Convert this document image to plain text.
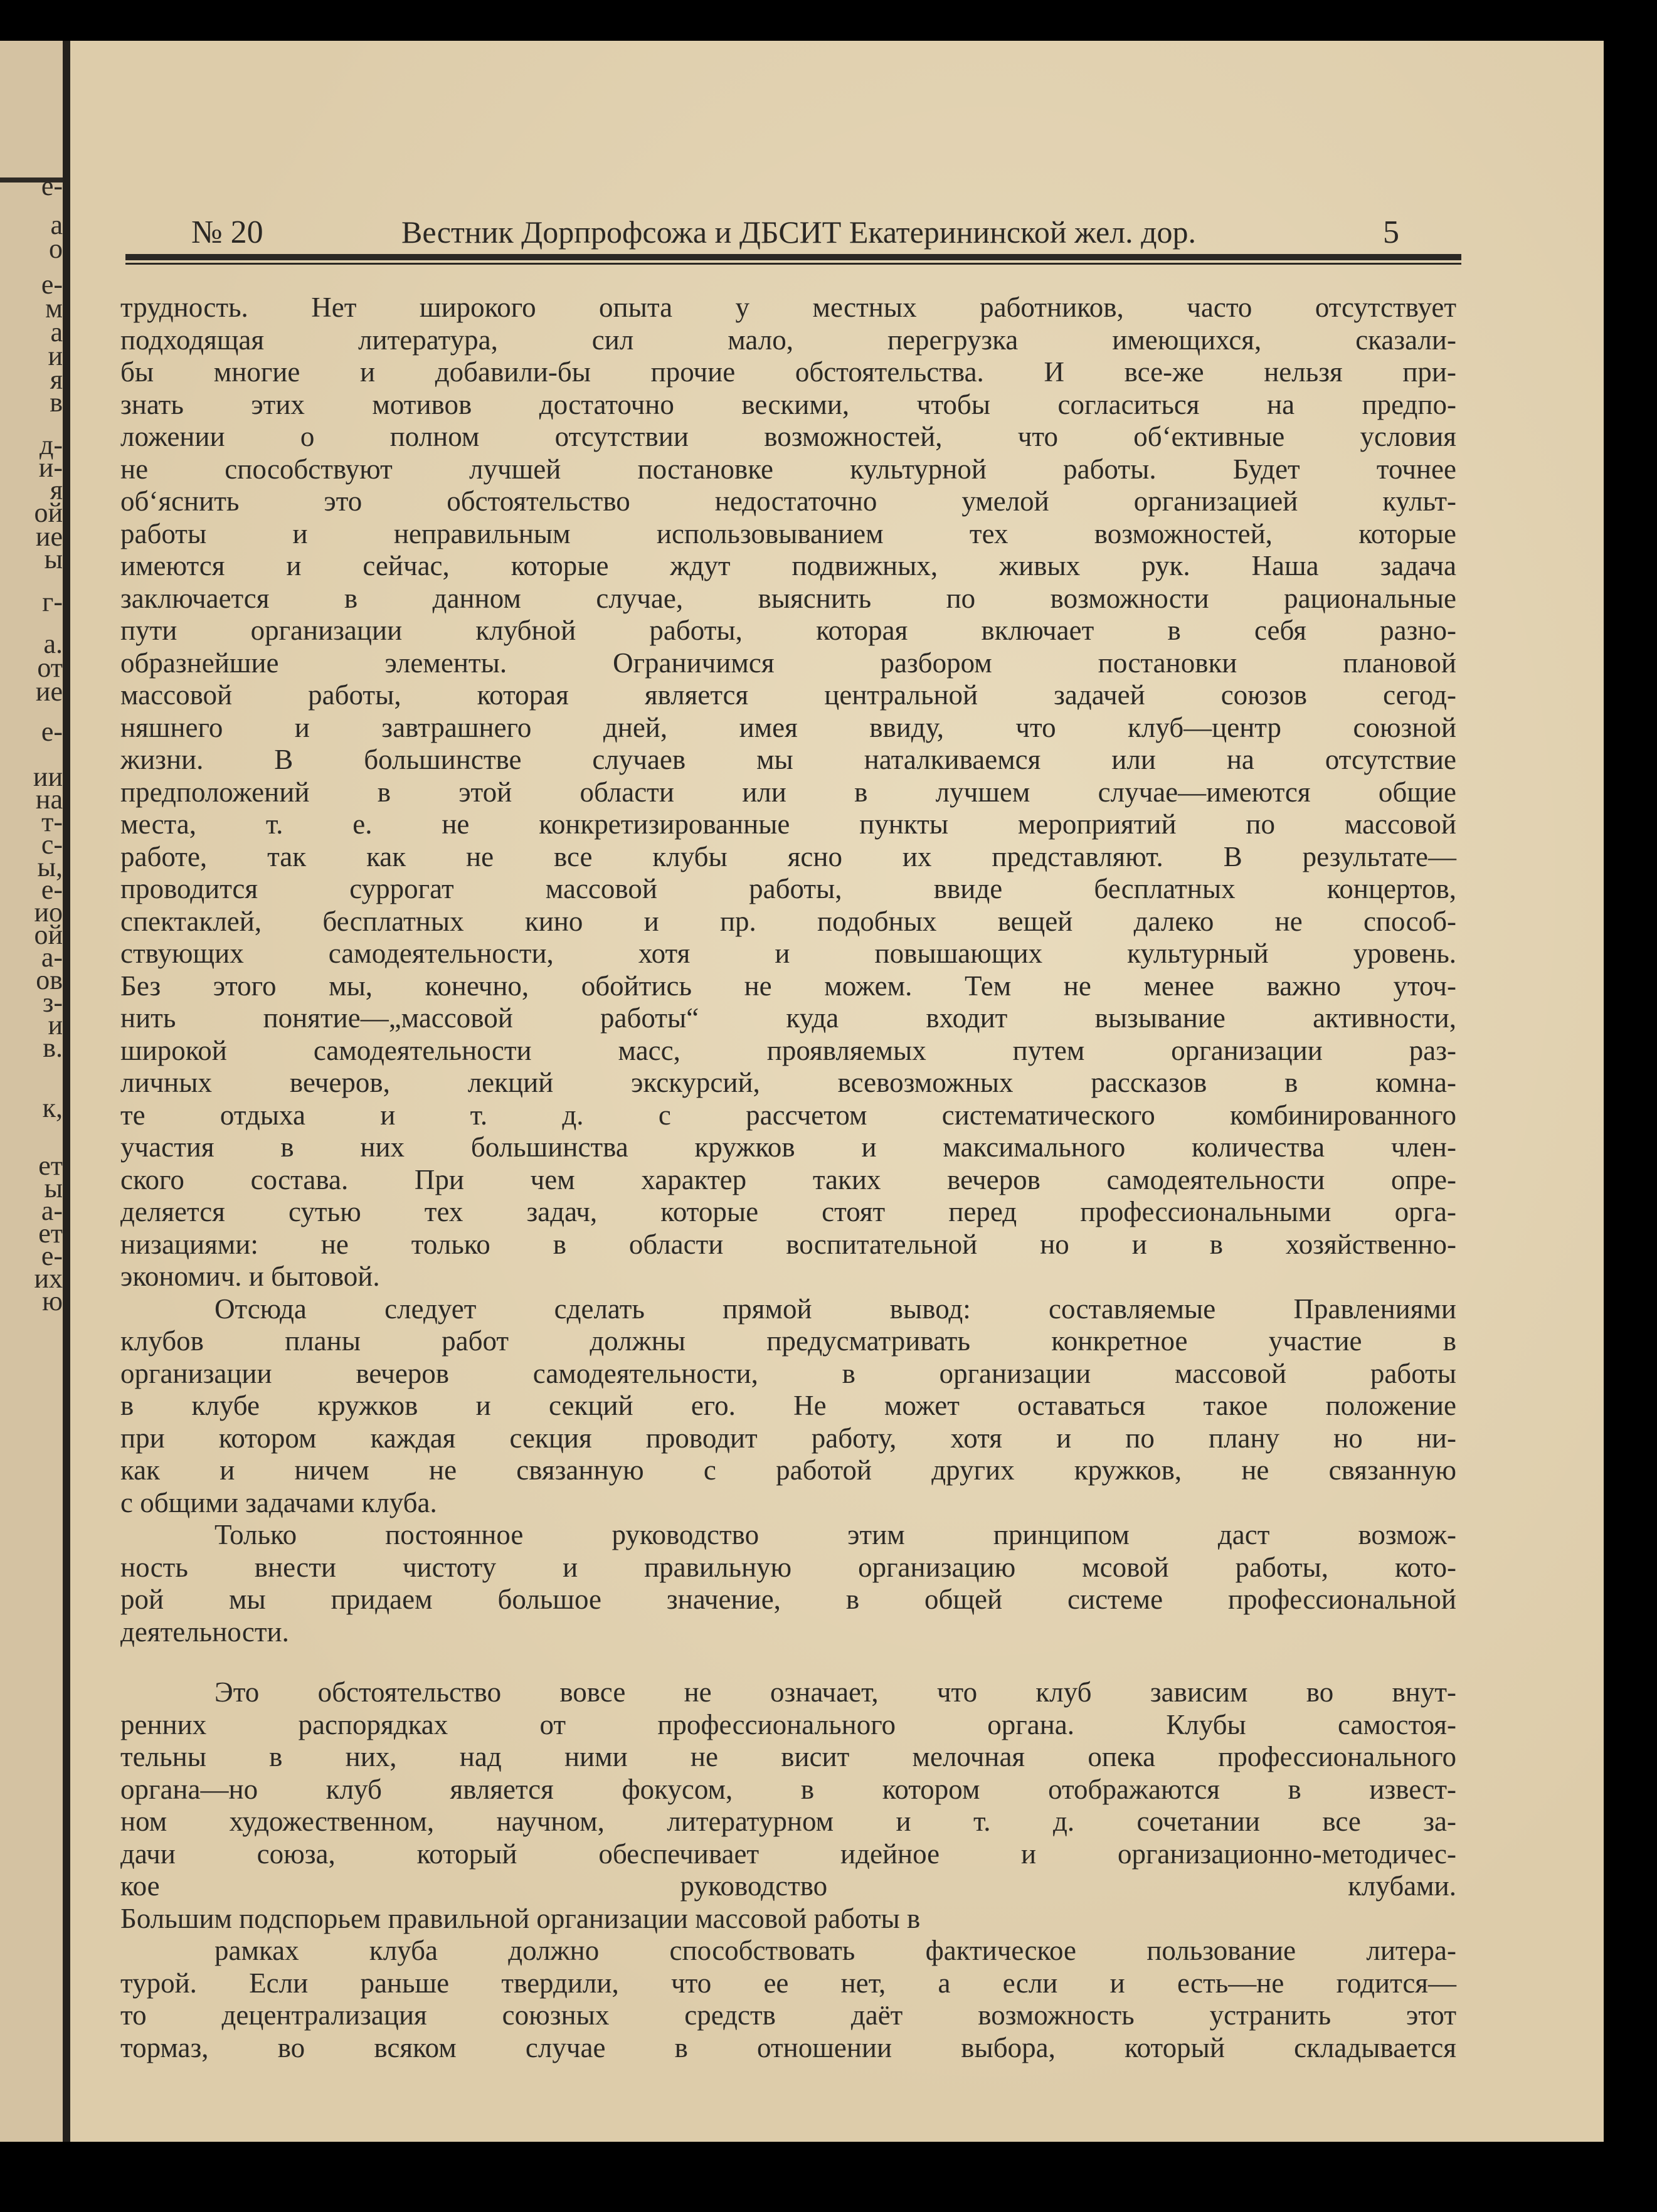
е-
а
о
е-
м
а
и
я
в
д-
и-
я
ой
ие
ы
г-
а.
от
ие
е-
ии
на
т-
с-
ы,
е-
ио
ой
а-
ов
з-
и
в.
к,
ет
ы
а-
ет
е-
их
ю
№ 20	Вестник Дорпрофсожа и ДБСИТ Екатерининской жел. дор.	5
трудность. Нет широкого опыта у местных работников, часто отсутствует
подходящая литература, сил мало, перегрузка имеющихся, сказали-
бы многие и добавили-бы прочие обстоятельства. И все-же нельзя при-
знать этих мотивов достаточно вескими, чтобы согласиться на предпо-
ложении о полном отсутствии возможностей, что об‘ективные условия
не способствуют лучшей постановке культурной работы. Будет точнее
об‘яснить это обстоятельство недостаточно умелой организацией культ-
работы и неправильным использовыванием тех возможностей, которые
имеются и сейчас, которые ждут подвижных, живых рук. Наша задача
заключается в данном случае, выяснить по возможности рациональные
пути организации клубной работы, которая включает в себя разно-
образнейшие элементы. Ограничимся разбором постановки плановой
массовой работы, которая является центральной задачей союзов сегод-
няшнего и завтрашнего дней, имея ввиду, что клуб—центр союзной
жизни. В большинстве случаев мы наталкиваемся или на отсутствие
предположений в этой области или в лучшем случае—имеются общие
места, т. е. не конкретизированные пункты мероприятий по массовой
работе, так как не все клубы ясно их представляют. В результате—
проводится суррогат массовой работы, ввиде бесплатных концертов,
спектаклей, бесплатных кино и пр. подобных вещей далеко не способ-
ствующих самодеятельности, хотя и повышающих культурный уровень.
Без этого мы, конечно, обойтись не можем. Тем не менее важно уточ-
нить понятие—„массовой работы“ куда входит вызывание активности,
широкой самодеятельности масс, проявляемых путем организации раз-
личных вечеров, лекций экскурсий, всевозможных рассказов в комна-
те отдыха и т. д. с рассчетом систематического комбинированного
участия в них большинства кружков и максимального количества член-
ского состава. При чем характер таких вечеров самодеятельности опре-
деляется сутью тех задач, которые стоят перед профессиональными орга-
низациями: не только в области воспитательной но и в хозяйственно-
экономич. и бытовой.
Отсюда следует сделать прямой вывод: составляемые Правлениями
клубов планы работ должны предусматривать конкретное участие в
организации вечеров самодеятельности, в организации массовой работы
в клубе кружков и секций его. Не может оставаться такое положение
при котором каждая секция проводит работу, хотя и по плану но ни-
как и ничем не связанную с работой других кружков, не связанную
с общими задачами клуба.
Только постоянное руководство этим принципом даст возмож-
ность внести чистоту и правильную организацию мсовой работы, кото-
рой мы придаем большое значение, в общей системе профессиональной
деятельности.
Это обстоятельство вовсе не означает, что клуб зависим во внут-
ренних распорядках от профессионального органа. Клубы самостоя-
тельны в них, над ними не висит мелочная опека профессионального
органа—но клуб является фокусом, в котором отображаются в извест-
ном художественном, научном, литературном и т. д. сочетании все за-
дачи союза, который обеспечивает идейное и организационно-методичес-
кое руководство клубами.
Большим подспорьем правильной организации массовой работы в
рамках клуба должно способствовать фактическое пользование литера-
турой. Если раньше твердили, что ее нет, а если и есть—не годится—
то децентрализация союзных средств даёт возможность устранить этот
тормаз, во всяком случае в отношении выбора, который складывается
